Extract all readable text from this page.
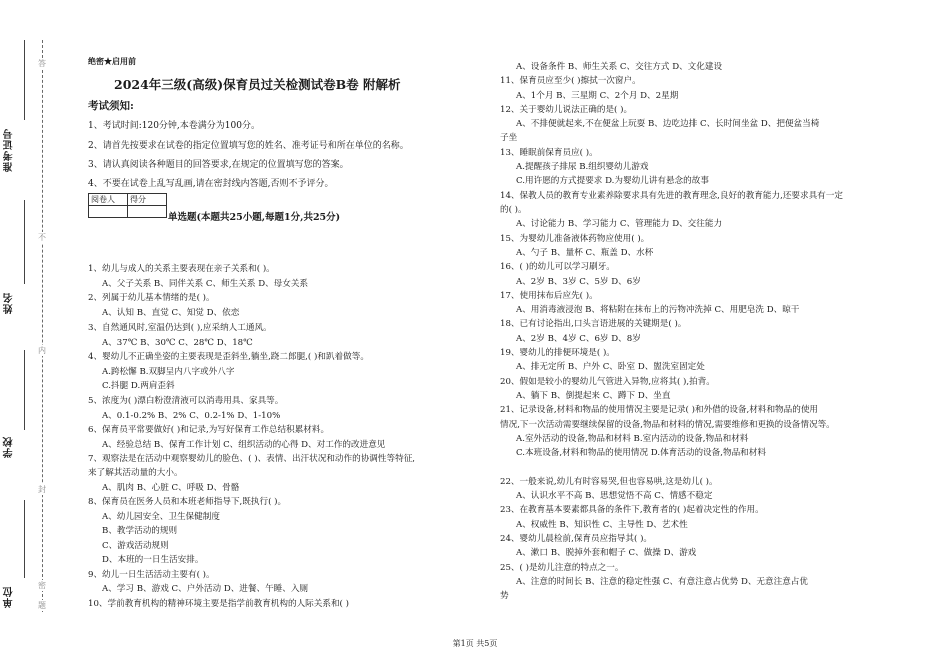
答
不
内
封
密
题
准考证号
姓名
学校
单位
绝密★启用前
2024年三级(高级)保育员过关检测试卷B卷 附解析
考试须知:
1、考试时间:120分钟,本卷满分为100分。
2、请首先按要求在试卷的指定位置填写您的姓名、准考证号和所在单位的名称。
3、请认真阅读各种题目的回答要求,在规定的位置填写您的答案。
4、不要在试卷上乱写乱画,请在密封线内答题,否则不予评分。
阅卷人	得分

单选题(本题共25小题,每题1分,共25分)
1、幼儿与成人的关系主要表现在亲子关系和( )。
A、父子关系 B、同伴关系 C、师生关系 D、母女关系
2、列属于幼儿基本情绪的是( )。
A、认知 B、直觉 C、知觉 D、依恋
3、自然通风时,室温仍达到( ),应采纳人工通风。
A、37℃ B、30℃ C、28℃ D、18℃
4、婴幼儿不正确坐姿的主要表现是歪斜坐,躺坐,跷二郎腿,( )和趴着做等。
A.跨松懈 B.双脚呈内八字或外八字
C.抖腿 D.两肩歪斜
5、浓度为( )漂白粉澄清液可以消毒用具、家具等。
A、0.1-0.2% B、2% C、0.2-1% D、1-10%
6、保育员平常要做好( )和记录,为写好保育工作总结积累材料。
A、经验总结 B、保育工作计划 C、组织活动的心得 D、对工作的改进意见
7、观察法是在活动中观察婴幼儿的脸色、( )、表情、出汗状况和动作的协调性等特征,
来了解其活动量的大小。
A、肌肉 B、心脏 C、呼吸 D、骨骼
8、保育员在医务人员和本班老师指导下,既执行( )。
A、幼儿园安全、卫生保健制度
B、教学活动的规则
C、游戏活动规则
D、本班的一日生活安排。
9、幼儿一日生活活动主要有( )。
A、学习 B、游戏 C、户外活动 D、进餐、午睡、入厕
10、学前教育机构的精神环境主要是指学前教育机构的人际关系和( )
A、设备条件 B、师生关系 C、交往方式 D、文化建设
11、保育员应至少( )擦拭一次窗户。
A、1个月 B、三星期 C、2个月 D、2星期
12、关于婴幼儿说法正确的是( )。
A、不排便就起来,不在便盆上玩耍 B、边吃边排 C、长时间坐盆 D、把便盆当椅
子坐
13、睡眠前保育员应( )。
A.提醒孩子排尿 B.组织婴幼儿游戏
C.用许愿的方式提要求 D.为婴幼儿讲有悬念的故事
14、保教人员的教育专业素养除要求具有先进的教育理念,良好的教育能力,还要求具有一定
的( )。
A、讨论能力 B、学习能力 C、管理能力 D、交往能力
15、为婴幼儿准备液体药物应使用( )。
A、勺子 B、量杯 C、瓶盖 D、水杯
16、( )的幼儿可以学习刷牙。
A、2岁 B、3岁 C、5岁 D、6岁
17、使用抹布后应先( )。
A、用消毒液浸泡 B、将粘附在抹布上的污物冲洗掉 C、用肥皂洗 D、晾干
18、已有讨论指出,口头言语进展的关键期是( )。
A、2岁 B、4岁 C、6岁 D、8岁
19、婴幼儿的排便环境是( )。
A、排无定所 B、户外 C、卧室 D、盥洗室固定处
20、假如是较小的婴幼儿气管进入异物,应将其( ),拍背。
A、躺下 B、倒提起来 C、蹲下 D、坐直
21、记录设备,材料和物品的使用情况主要是记录( )和外借的设备,材料和物品的使用
情况,下一次活动需要继续保留的设备,物品和材料的情况,需要维修和更换的设备情况等。
A.室外活动的设备,物品和材料 B.室内活动的设备,物品和材料
C.本班设备,材料和物品的使用情况 D.体育活动的设备,物品和材料
22、一般来说,幼儿有时容易哭,但也容易哄,这是幼儿( )。
A、认识水平不高 B、思想觉悟不高 C、情感不稳定
23、在教育基本要素都具备的条件下,教育者的( )起着决定性的作用。
A、权威性 B、知识性 C、主导性 D、艺术性
24、婴幼儿晨检前,保育员应指导其( )。
A、漱口 B、脱掉外套和帽子 C、做操 D、游戏
25、( )是幼儿注意的特点之一。
A、注意的时间长 B、注意的稳定性强 C、有意注意占优势 D、无意注意占优
势
第1页 共5页
